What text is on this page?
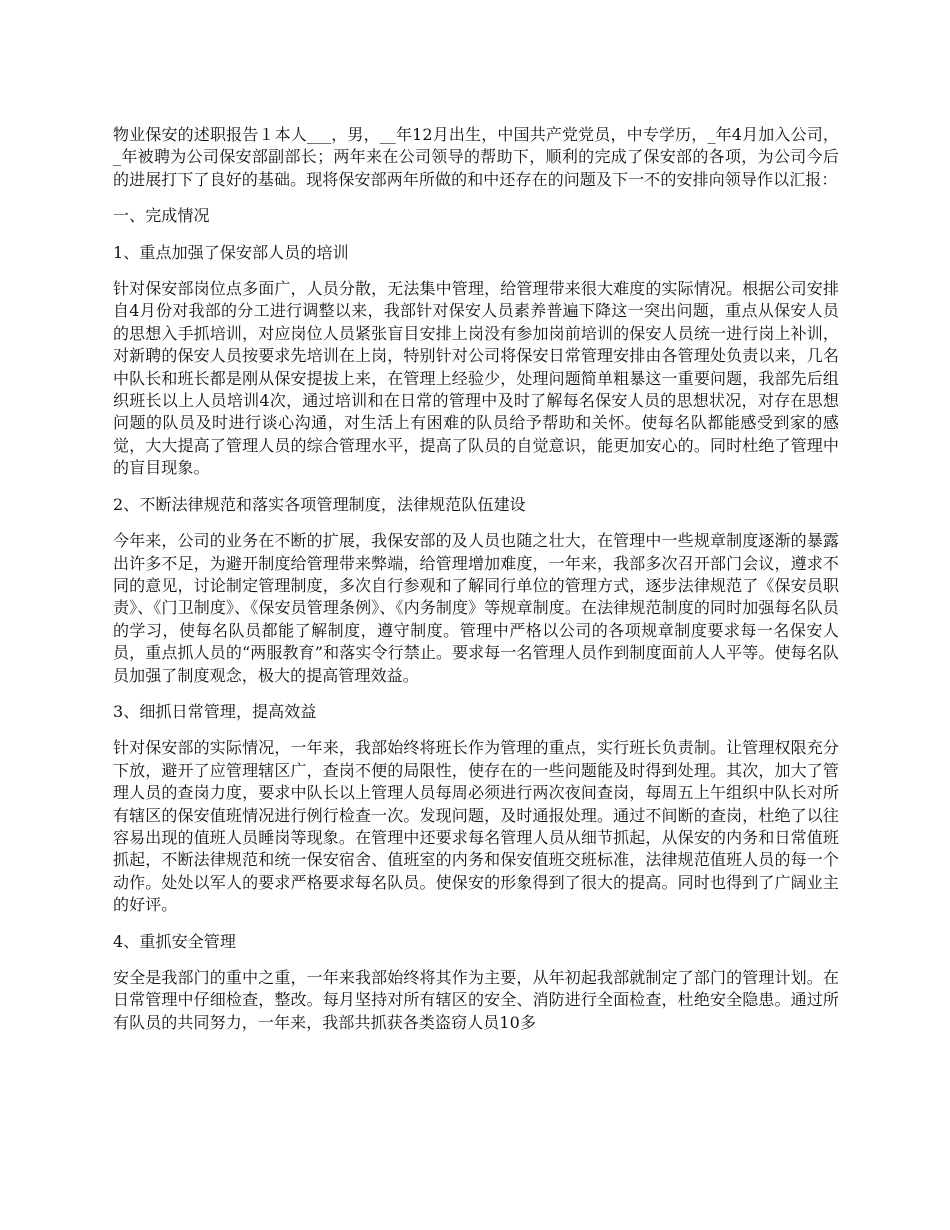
物业保安的述职报告１本人___，男，__年12月出生，中国共产党党员，中专学历，_年4月加入公司，_年被聘为公司保安部副部长；两年来在公司领导的帮助下，顺利的完成了保安部的各项，为公司今后的进展打下了良好的基础。现将保安部两年所做的和中还存在的问题及下一不的安排向领导作以汇报：

一、完成情况

1、重点加强了保安部人员的培训

针对保安部岗位点多面广，人员分散，无法集中管理，给管理带来很大难度的实际情况。根据公司安排自4月份对我部的分工进行调整以来，我部针对保安人员素养普遍下降这一突出问题，重点从保安人员的思想入手抓培训，对应岗位人员紧张盲目安排上岗没有参加岗前培训的保安人员统一进行岗上补训，对新聘的保安人员按要求先培训在上岗，特别针对公司将保安日常管理安排由各管理处负责以来，几名中队长和班长都是刚从保安提拔上来，在管理上经验少，处理问题简单粗暴这一重要问题，我部先后组织班长以上人员培训4次，通过培训和在日常的管理中及时了解每名保安人员的思想状况，对存在思想问题的队员及时进行谈心沟通，对生活上有困难的队员给予帮助和关怀。使每名队都能感受到家的感觉，大大提高了管理人员的综合管理水平，提高了队员的自觉意识，能更加安心的。同时杜绝了管理中的盲目现象。

2、不断法律规范和落实各项管理制度，法律规范队伍建设

今年来，公司的业务在不断的扩展，我保安部的及人员也随之壮大，在管理中一些规章制度逐渐的暴露出许多不足，为避开制度给管理带来弊端，给管理增加难度，一年来，我部多次召开部门会议，遵求不同的意见，讨论制定管理制度，多次自行参观和了解同行单位的管理方式，逐步法律规范了《保安员职责》、《门卫制度》、《保安员管理条例》、《内务制度》等规章制度。在法律规范制度的同时加强每名队员的学习，使每名队员都能了解制度，遵守制度。管理中严格以公司的各项规章制度要求每一名保安人员，重点抓人员的“两服教育”和落实令行禁止。要求每一名管理人员作到制度面前人人平等。使每名队员加强了制度观念，极大的提高管理效益。

3、细抓日常管理，提高效益

针对保安部的实际情况，一年来，我部始终将班长作为管理的重点，实行班长负责制。让管理权限充分下放，避开了应管理辖区广，查岗不便的局限性，使存在的一些问题能及时得到处理。其次，加大了管理人员的查岗力度，要求中队长以上管理人员每周必须进行两次夜间查岗，每周五上午组织中队长对所有辖区的保安值班情况进行例行检查一次。发现问题，及时通报处理。通过不间断的查岗，杜绝了以往容易出现的值班人员睡岗等现象。在管理中还要求每名管理人员从细节抓起，从保安的内务和日常值班抓起，不断法律规范和统一保安宿舍、值班室的内务和保安值班交班标准，法律规范值班人员的每一个动作。处处以军人的要求严格要求每名队员。使保安的形象得到了很大的提高。同时也得到了广阔业主的好评。

4、重抓安全管理

安全是我部门的重中之重，一年来我部始终将其作为主要，从年初起我部就制定了部门的管理计划。在日常管理中仔细检查，整改。每月坚持对所有辖区的安全、消防进行全面检查，杜绝安全隐患。通过所有队员的共同努力，一年来，我部共抓获各类盗窃人员10多
